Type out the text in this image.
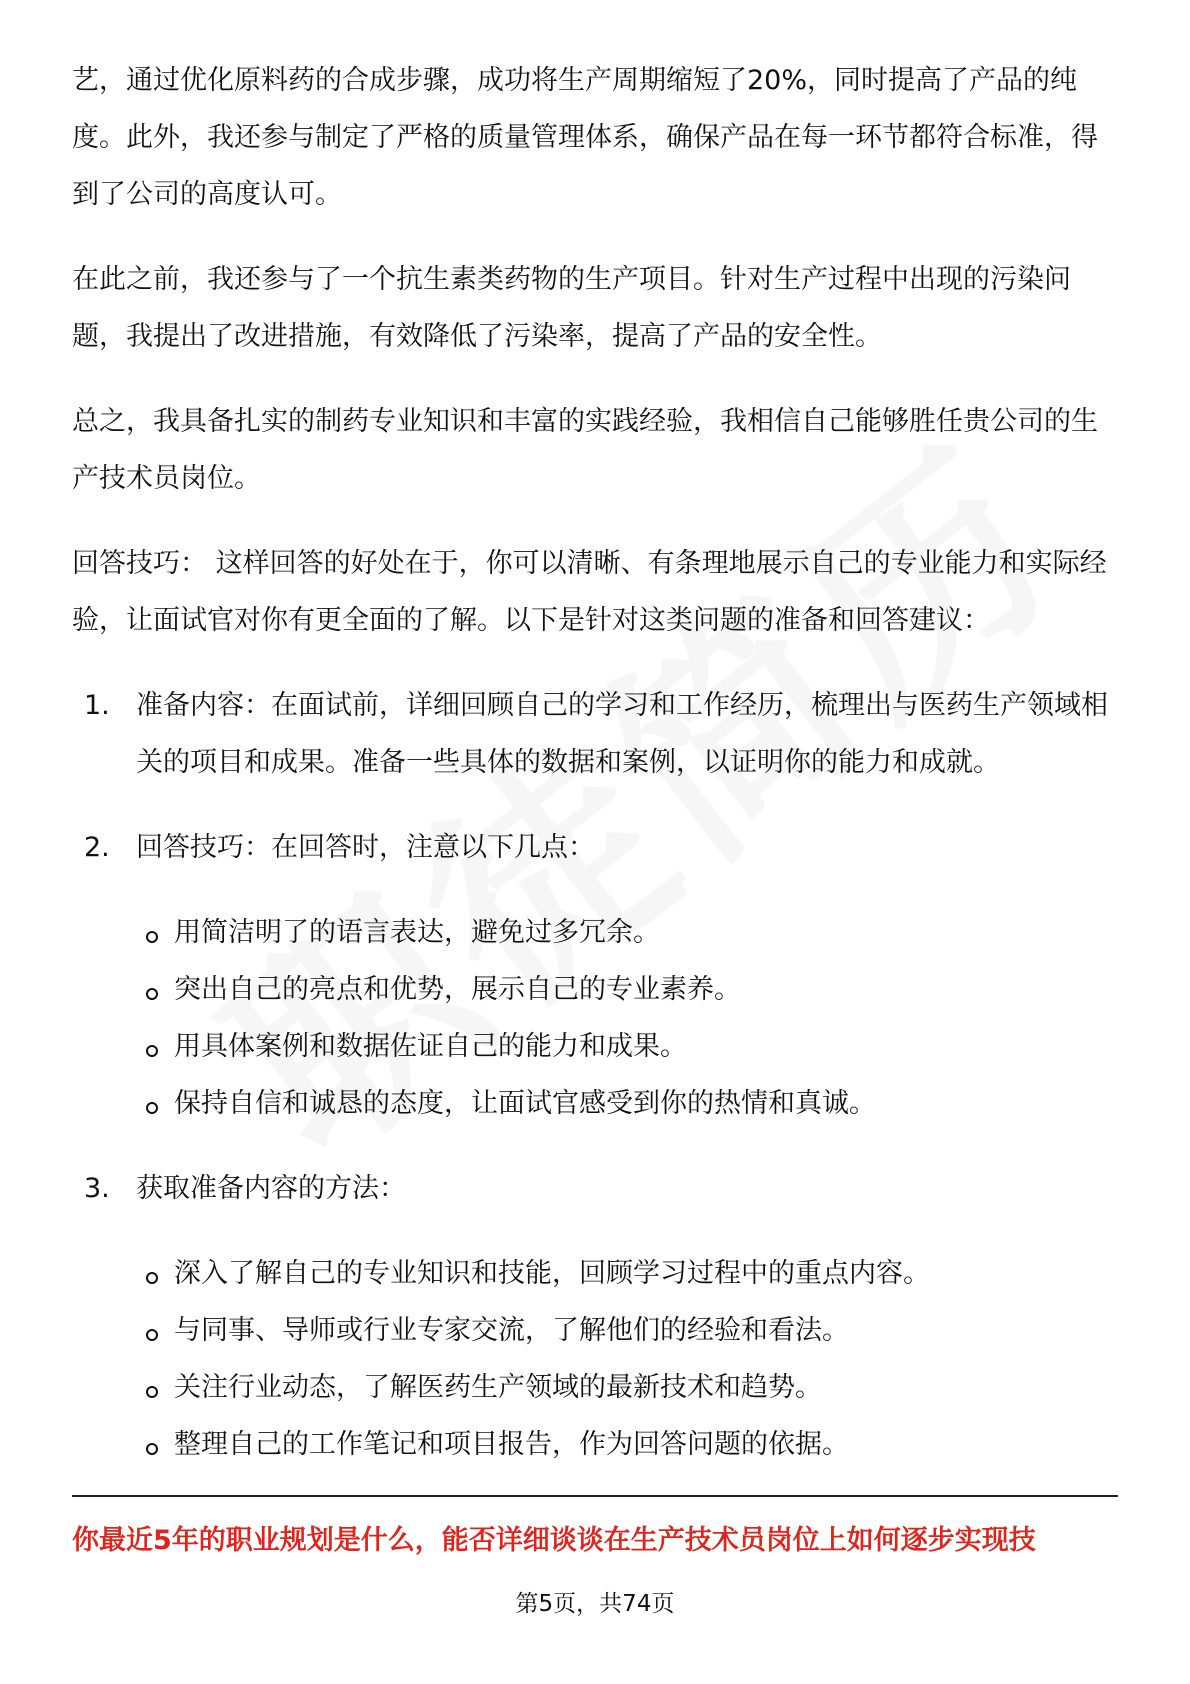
艺，通过优化原料药的合成步骤，成功将生产周期缩短了20%，同时提高了产品的纯度。此外，我还参与制定了严格的质量管理体系，确保产品在每一环节都符合标准，得到了公司的高度认可。

在此之前，我还参与了一个抗生素类药物的生产项目。针对生产过程中出现的污染问题，我提出了改进措施，有效降低了污染率，提高了产品的安全性。

总之，我具备扎实的制药专业知识和丰富的实践经验，我相信自己能够胜任贵公司的生产技术员岗位。

回答技巧： 这样回答的好处在于，你可以清晰、有条理地展示自己的专业能力和实际经验，让面试官对你有更全面的了解。以下是针对这类问题的准备和回答建议：

1. 准备内容：在面试前，详细回顾自己的学习和工作经历，梳理出与医药生产领域相关的项目和成果。准备一些具体的数据和案例，以证明你的能力和成就。
2. 回答技巧：在回答时，注意以下几点：
用简洁明了的语言表达，避免过多冗余。
突出自己的亮点和优势，展示自己的专业素养。
用具体案例和数据佐证自己的能力和成果。
保持自信和诚恳的态度，让面试官感受到你的热情和真诚。
3. 获取准备内容的方法：
深入了解自己的专业知识和技能，回顾学习过程中的重点内容。
与同事、导师或行业专家交流，了解他们的经验和看法。
关注行业动态，了解医药生产领域的最新技术和趋势。
整理自己的工作笔记和项目报告，作为回答问题的依据。
你最近5年的职业规划是什么，能否详细谈谈在生产技术员岗位上如何逐步实现技
第5页，共74页
